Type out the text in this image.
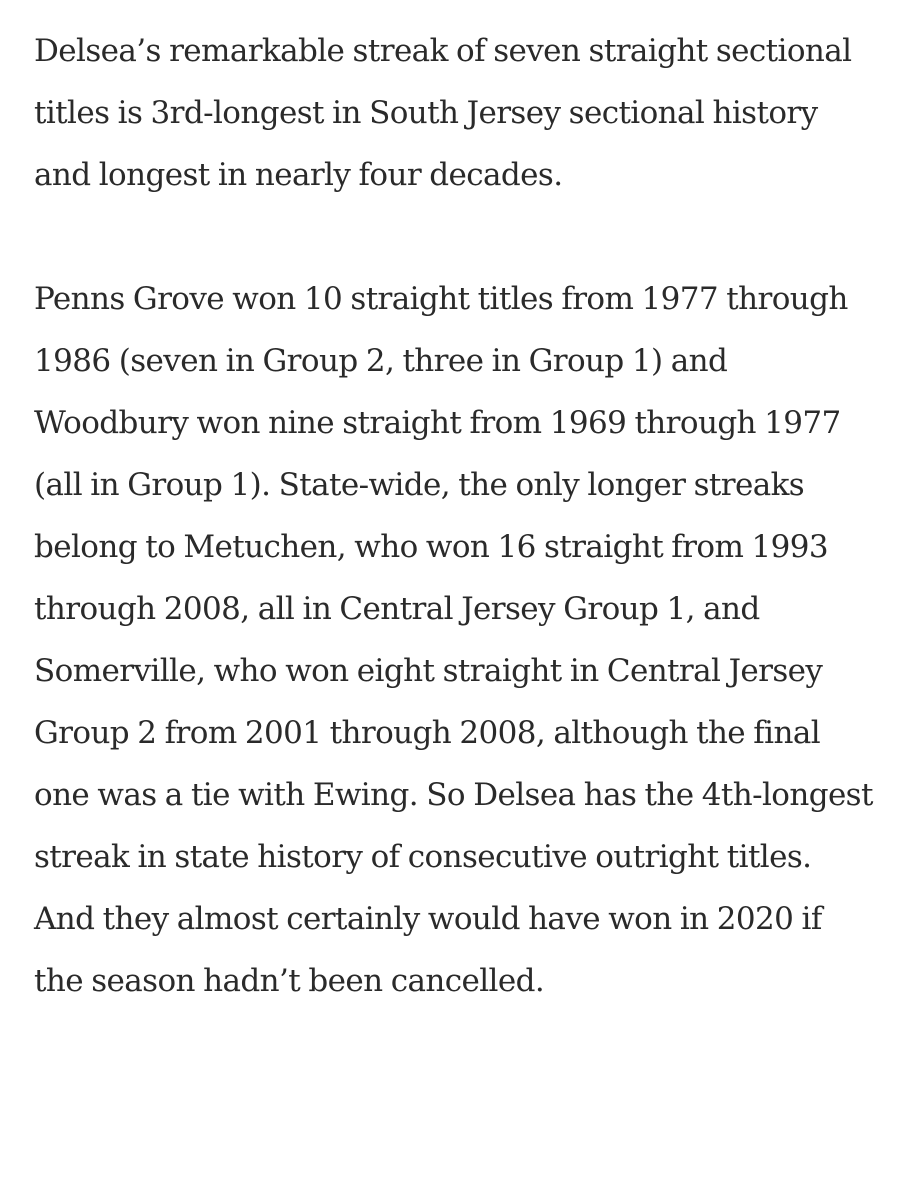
Delsea’s remarkable streak of seven straight sectional titles is 3rd-longest in South Jersey sectional history and longest in nearly four decades.

Penns Grove won 10 straight titles from 1977 through 1986 (seven in Group 2, three in Group 1) and Woodbury won nine straight from 1969 through 1977 (all in Group 1). State-wide, the only longer streaks belong to Metuchen, who won 16 straight from 1993 through 2008, all in Central Jersey Group 1, and Somerville, who won eight straight in Central Jersey Group 2 from 2001 through 2008, although the final one was a tie with Ewing. So Delsea has the 4th-longest streak in state history of consecutive outright titles. And they almost certainly would have won in 2020 if the season hadn’t been cancelled.
